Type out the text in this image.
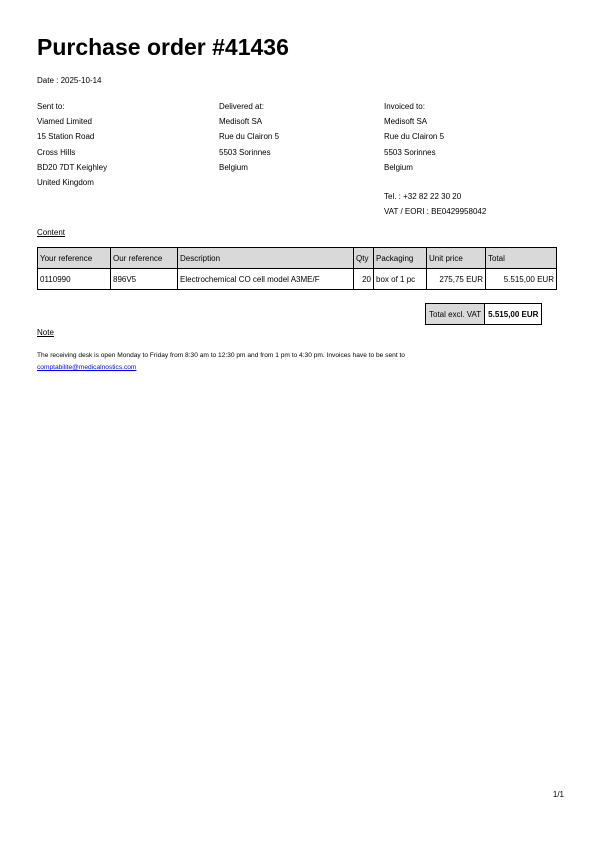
Purchase order #41436
Date : 2025-10-14
Sent to:
Viamed Limited
15 Station Road
Cross Hills
BD20 7DT Keighley
United Kingdom
Delivered at:
Medisoft SA
Rue du Clairon 5
5503 Sorinnes
Belgium
Invoiced to:
Medisoft SA
Rue du Clairon 5
5503 Sorinnes
Belgium
Tel. : +32 82 22 30 20
VAT / EORI : BE0429958042
Content
Your reference	Our reference	Description	Qty	Packaging	Unit price	Total
0110990	896V5	Electrochemical CO cell model A3ME/F	20	box of 1 pc	275,75 EUR	5.515,00 EUR
Total excl. VAT	5.515,00 EUR
Note
The receiving desk is open Monday to Friday from 8:30 am to 12:30 pm and from 1 pm to 4:30 pm. Invoices have to be sent to
comptabilite@medicalnostics.com
1/1
